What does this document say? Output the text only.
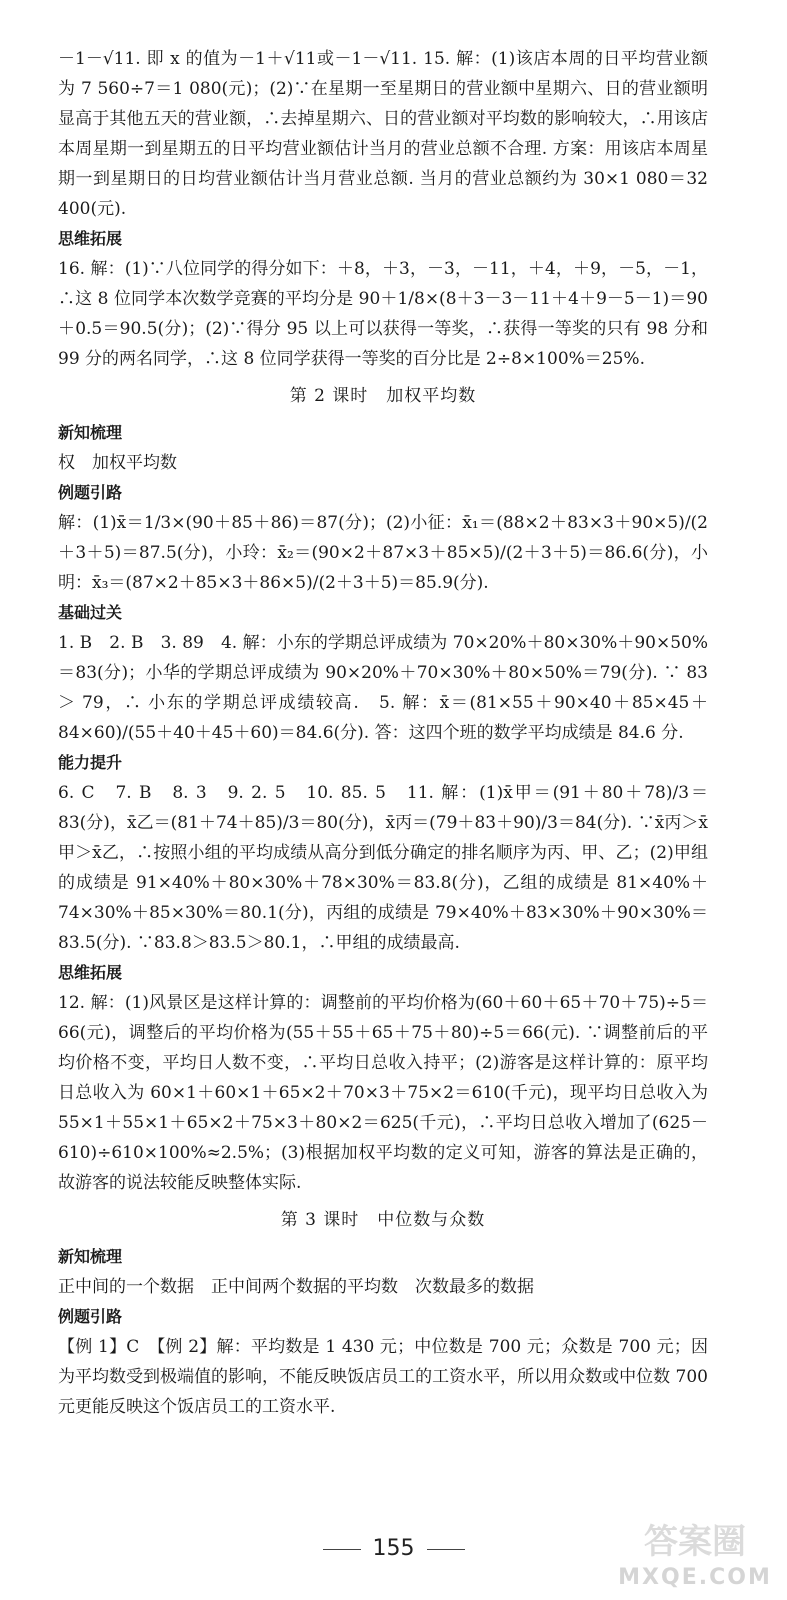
－1－√11. 即 x 的值为－1＋√11或－1－√11. 15. 解：(1)该店本周的日平均营业额为 7 560÷7＝1 080(元)；(2)∵在星期一至星期日的营业额中星期六、日的营业额明显高于其他五天的营业额，∴去掉星期六、日的营业额对平均数的影响较大，∴用该店本周星期一到星期五的日平均营业额估计当月的营业总额不合理. 方案：用该店本周星期一到星期日的日均营业额估计当月营业总额. 当月的营业总额约为 30×1 080＝32 400(元).

思维拓展

16. 解：(1)∵八位同学的得分如下：＋8，＋3，－3，－11，＋4，＋9，－5，－1，∴这 8 位同学本次数学竞赛的平均分是 90＋1/8×(8＋3－3－11＋4＋9－5－1)＝90＋0.5＝90.5(分)；(2)∵得分 95 以上可以获得一等奖，∴获得一等奖的只有 98 分和 99 分的两名同学，∴这 8 位同学获得一等奖的百分比是 2÷8×100%＝25%.

第 2 课时　加权平均数

新知梳理

权　加权平均数

例题引路

解：(1)x̄＝1/3×(90＋85＋86)＝87(分)；(2)小征：x̄₁＝(88×2＋83×3＋90×5)/(2＋3＋5)＝87.5(分)，小玲：x̄₂＝(90×2＋87×3＋85×5)/(2＋3＋5)＝86.6(分)，小明：x̄₃＝(87×2＋85×3＋86×5)/(2＋3＋5)＝85.9(分).

基础过关

1. B　2. B　3. 89　4. 解：小东的学期总评成绩为 70×20%＋80×30%＋90×50%＝83(分)；小华的学期总评成绩为 90×20%＋70×30%＋80×50%＝79(分). ∵ 83 ＞ 79，∴ 小东的学期总评成绩较高.　5. 解：x̄＝(81×55＋90×40＋85×45＋84×60)/(55＋40＋45＋60)＝84.6(分). 答：这四个班的数学平均成绩是 84.6 分.

能力提升

6. C　7. B　8. 3　9. 2. 5　10. 85. 5　11. 解：(1)x̄甲＝(91＋80＋78)/3＝83(分)，x̄乙＝(81＋74＋85)/3＝80(分)，x̄丙＝(79＋83＋90)/3＝84(分). ∵x̄丙＞x̄甲＞x̄乙，∴按照小组的平均成绩从高分到低分确定的排名顺序为丙、甲、乙；(2)甲组的成绩是 91×40%＋80×30%＋78×30%＝83.8(分)，乙组的成绩是 81×40%＋74×30%＋85×30%＝80.1(分)，丙组的成绩是 79×40%＋83×30%＋90×30%＝83.5(分). ∵83.8＞83.5＞80.1，∴甲组的成绩最高.

思维拓展

12. 解：(1)风景区是这样计算的：调整前的平均价格为(60＋60＋65＋70＋75)÷5＝66(元)，调整后的平均价格为(55＋55＋65＋75＋80)÷5＝66(元). ∵调整前后的平均价格不变，平均日人数不变，∴平均日总收入持平；(2)游客是这样计算的：原平均日总收入为 60×1＋60×1＋65×2＋70×3＋75×2＝610(千元)，现平均日总收入为 55×1＋55×1＋65×2＋75×3＋80×2＝625(千元)，∴平均日总收入增加了(625－610)÷610×100%≈2.5%；(3)根据加权平均数的定义可知，游客的算法是正确的，故游客的说法较能反映整体实际.

第 3 课时　中位数与众数

新知梳理

正中间的一个数据　正中间两个数据的平均数　次数最多的数据

例题引路

【例 1】C　【例 2】解：平均数是 1 430 元；中位数是 700 元；众数是 700 元；因为平均数受到极端值的影响，不能反映饭店员工的工资水平，所以用众数或中位数 700 元更能反映这个饭店员工的工资水平.

155	答案圈
MXQE.COM
